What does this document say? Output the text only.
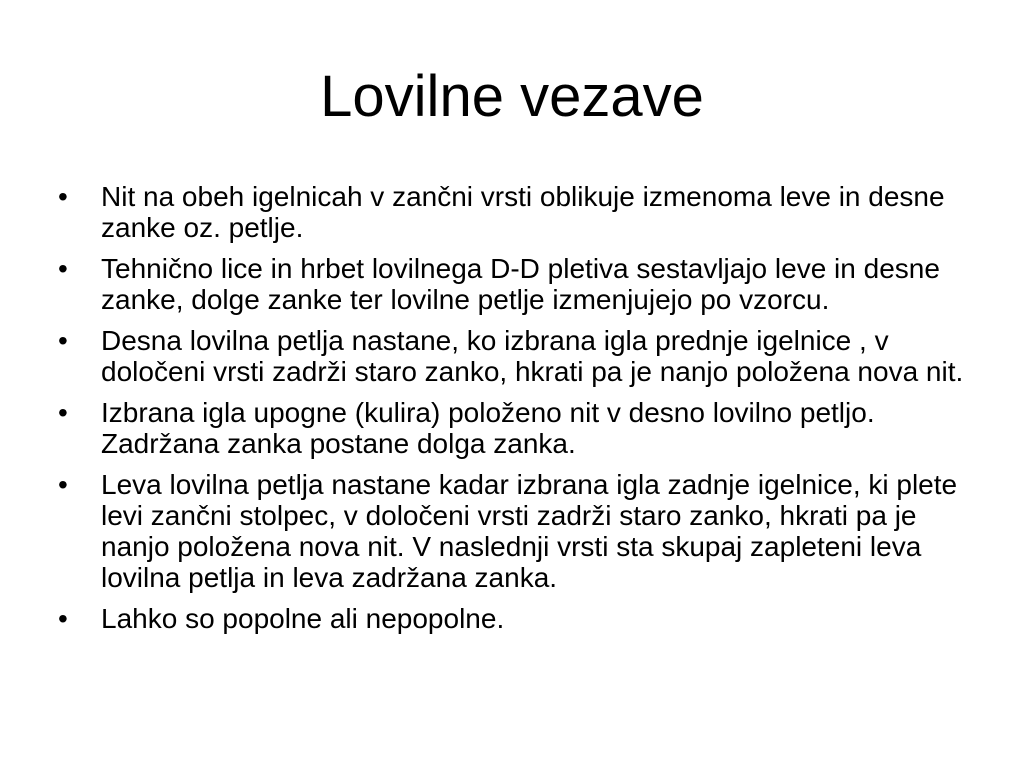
Lovilne vezave
•	Nit na obeh igelnicah v zančni vrsti oblikuje izmenoma leve in desne zanke oz. petlje.
•	Tehnično lice in hrbet lovilnega D-D pletiva sestavljajo leve in desne zanke, dolge zanke ter lovilne petlje izmenjujejo po vzorcu.
•	Desna lovilna petlja nastane, ko izbrana igla prednje igelnice , v določeni vrsti zadrži staro zanko, hkrati pa je nanjo položena nova nit.
•	Izbrana igla upogne (kulira) položeno nit v desno lovilno petljo. Zadržana zanka postane dolga zanka.
•	Leva lovilna petlja nastane kadar izbrana igla zadnje igelnice, ki plete levi zančni stolpec, v določeni vrsti zadrži staro zanko, hkrati pa je nanjo položena nova nit. V naslednji vrsti sta skupaj zapleteni leva lovilna petlja in leva zadržana zanka.
•	Lahko so popolne ali nepopolne.
